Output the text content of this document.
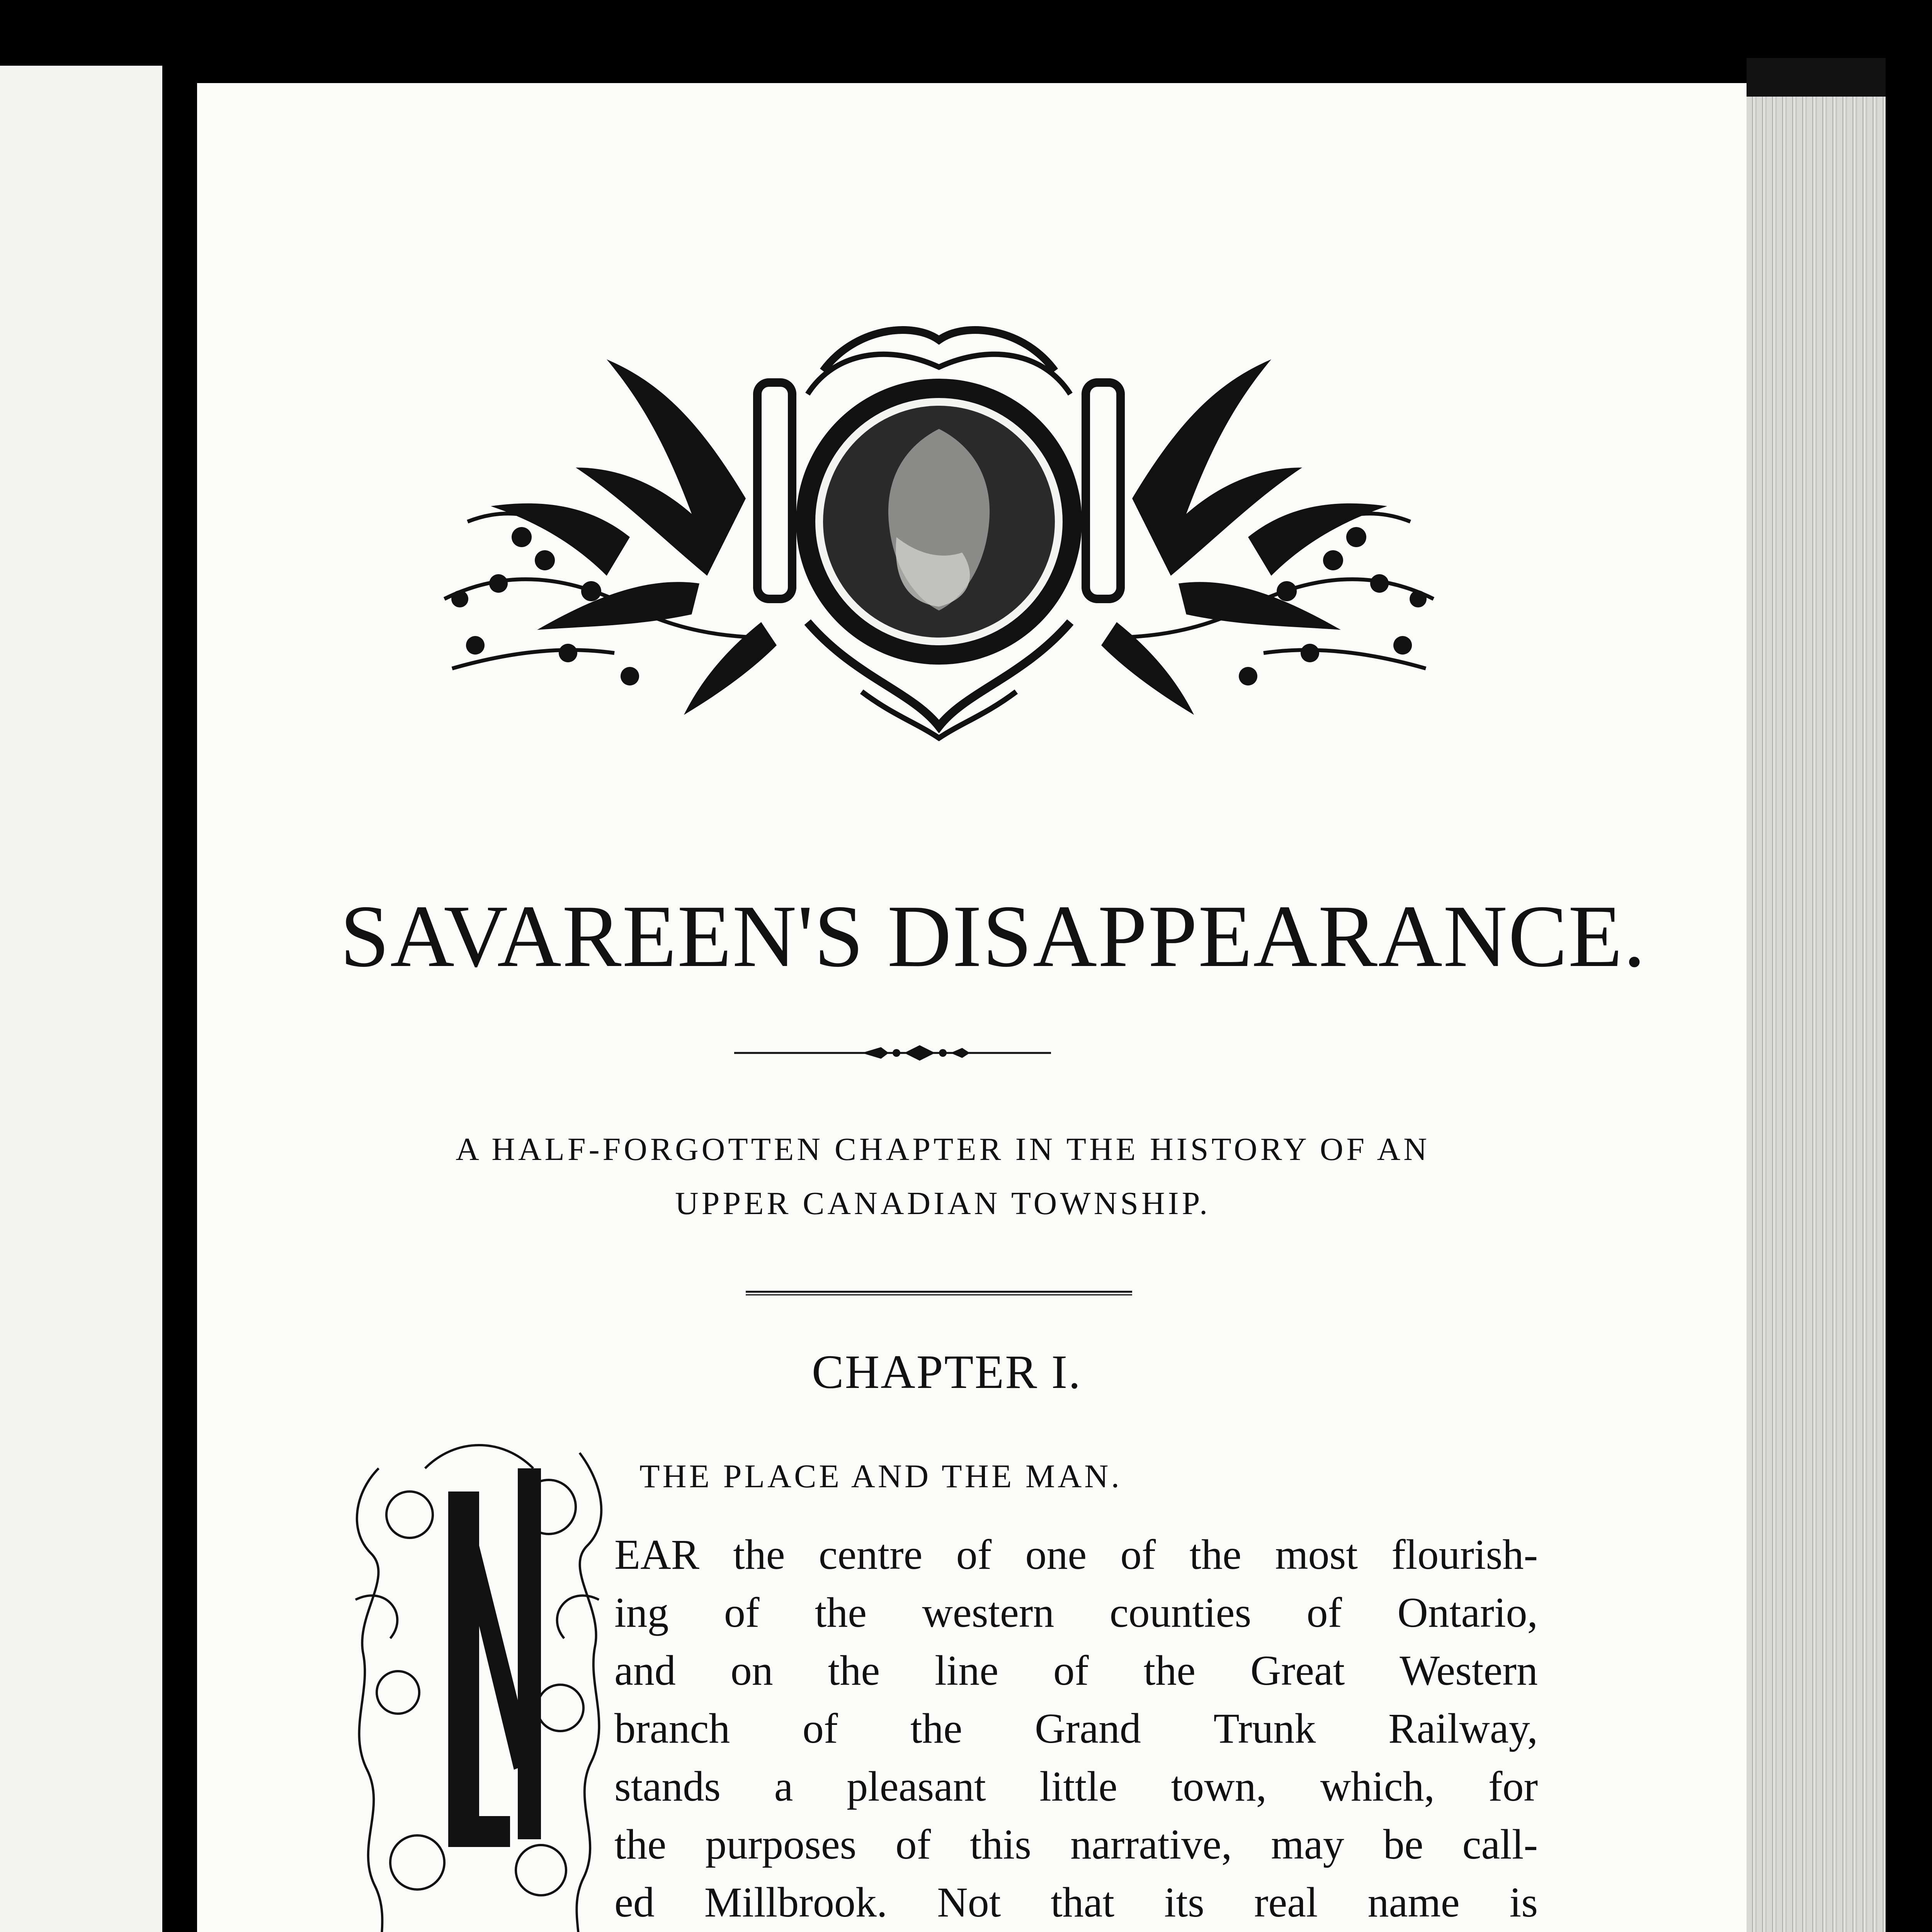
SAVAREEN'S DISAPPEARANCE.
A HALF-FORGOTTEN CHAPTER IN THE HISTORY OF AN
UPPER CANADIAN TOWNSHIP.
CHAPTER I.
THE PLACE AND THE MAN.
EAR the centre of one of the most flourish-
ing of the western counties of Ontario,
and on the line of the Great Western
branch of the Grand Trunk Railway,
stands a pleasant little town, which, for
the purposes of this narrative, may be call-
ed Millbrook. Not that its real name is
